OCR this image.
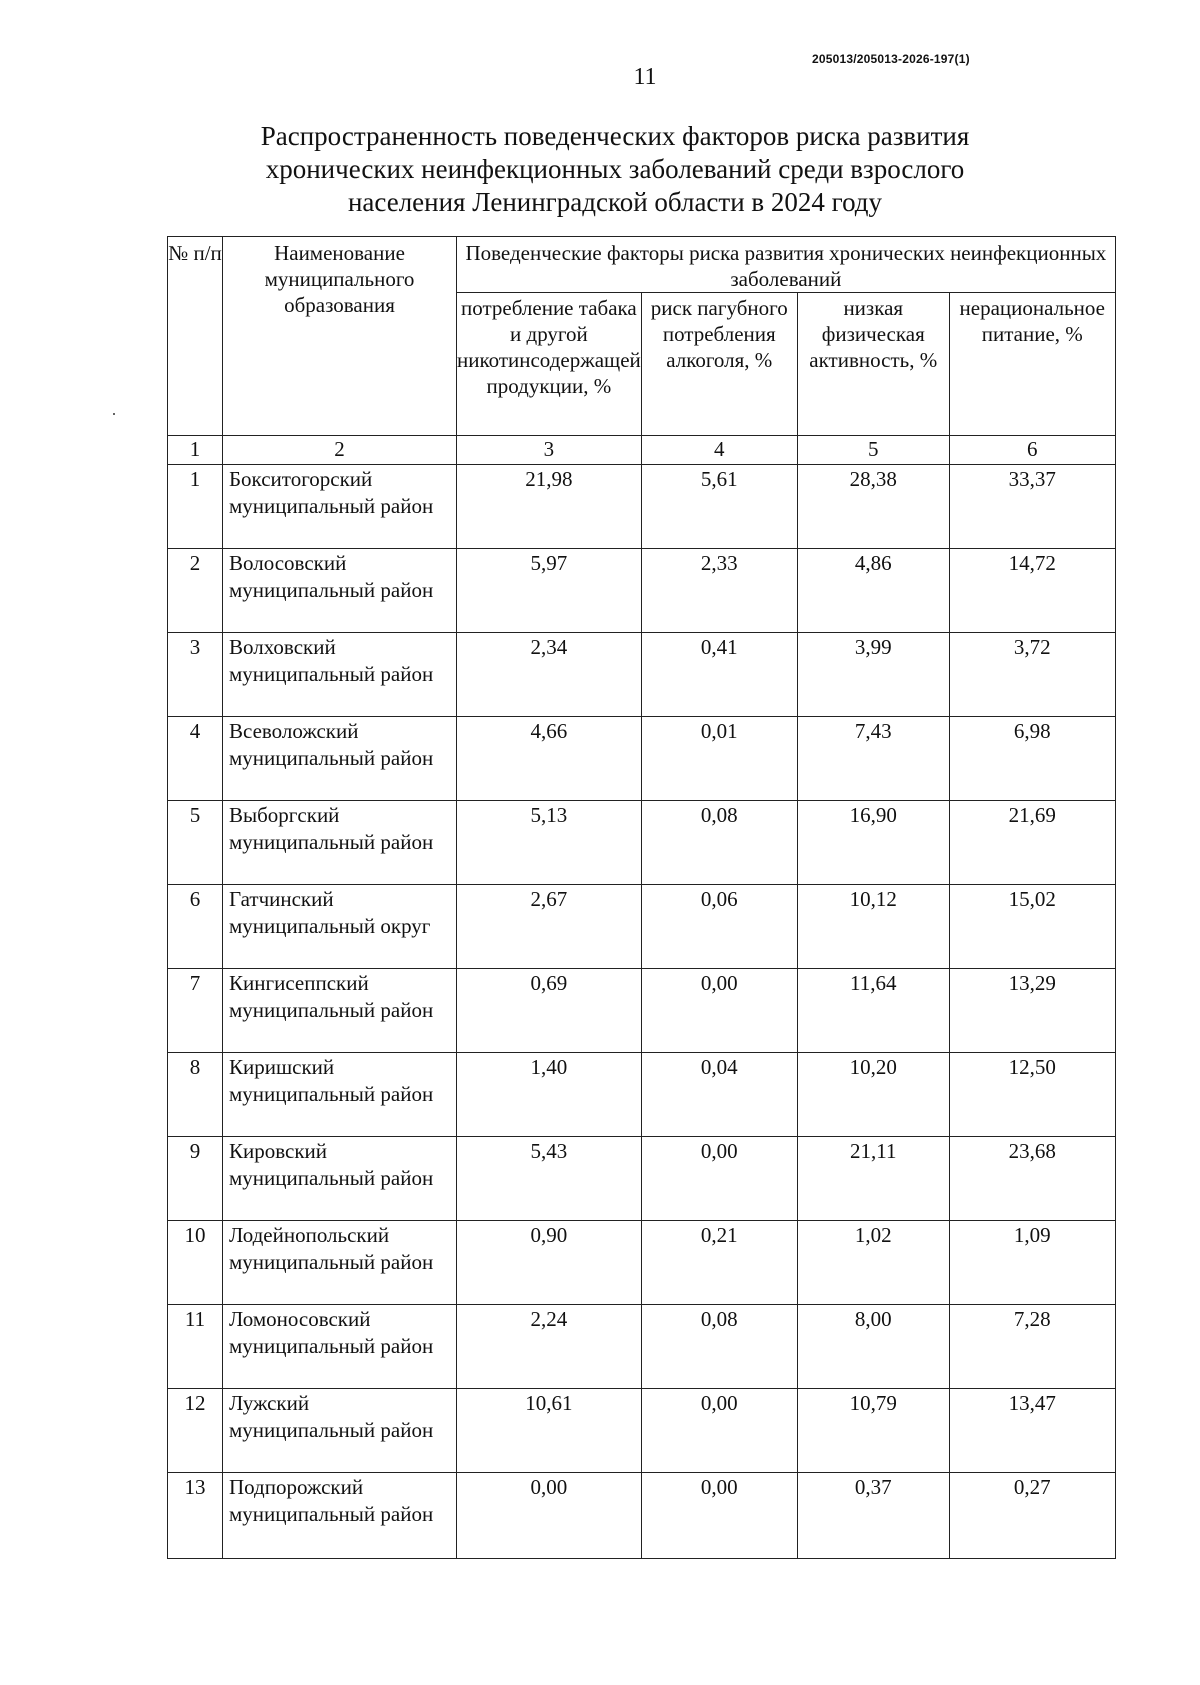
205013/205013-2026-197(1)
11
Распространенность поведенческих факторов риска развития
хронических неинфекционных заболеваний среди взрослого
населения Ленинградской области в 2024 году
№ п/п	Наименование муниципального образования	Поведенческие факторы риска развития хронических неинфекционных заболеваний			
		потребление табака и другой никотинсодержащей продукции, %	риск пагубного потребления алкоголя, %	низкая физическая активность, %	нерациональное питание, %
1	2	3	4	5	6
1	Бокситогорский муниципальный район	21,98	5,61	28,38	33,37
2	Волосовский муниципальный район	5,97	2,33	4,86	14,72
3	Волховский муниципальный район	2,34	0,41	3,99	3,72
4	Всеволожский муниципальный район	4,66	0,01	7,43	6,98
5	Выборгский муниципальный район	5,13	0,08	16,90	21,69
6	Гатчинский муниципальный округ	2,67	0,06	10,12	15,02
7	Кингисеппский муниципальный район	0,69	0,00	11,64	13,29
8	Киришский муниципальный район	1,40	0,04	10,20	12,50
9	Кировский муниципальный район	5,43	0,00	21,11	23,68
10	Лодейнопольский муниципальный район	0,90	0,21	1,02	1,09
11	Ломоносовский муниципальный район	2,24	0,08	8,00	7,28
12	Лужский муниципальный район	10,61	0,00	10,79	13,47
13	Подпорожский муниципальный район	0,00	0,00	0,37	0,27
